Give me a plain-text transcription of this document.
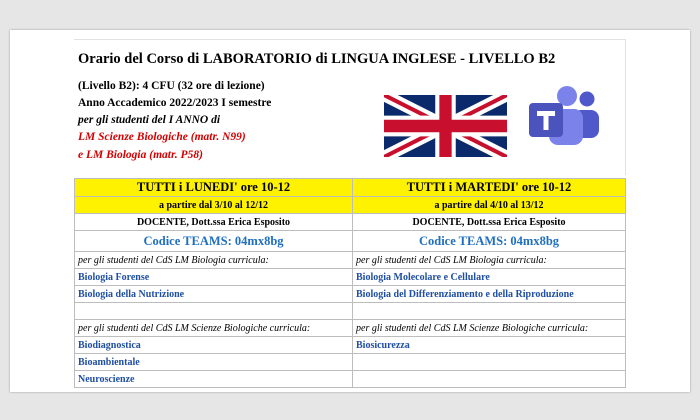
Orario del Corso di LABORATORIO di LINGUA INGLESE - LIVELLO B2
(Livello B2): 4 CFU (32 ore di lezione)
Anno Accademico 2022/2023 I semestre
per gli studenti del I ANNO di
LM Scienze Biologiche (matr. N99)
e LM Biologia (matr. P58)
TUTTI i LUNEDI' ore 10-12	TUTTI i MARTEDI' ore 10-12
a partire dal 3/10 al 12/12	a partire dal 4/10 al 13/12
DOCENTE, Dott.ssa Erica Esposito	DOCENTE, Dott.ssa Erica Esposito
Codice TEAMS: 04mx8bg	Codice TEAMS: 04mx8bg
per gli studenti del CdS LM Biologia curricula:	per gli studenti del CdS LM Biologia curricula:
Biologia Forense	Biologia Molecolare e Cellulare
Biologia della Nutrizione	Biologia del Differenziamento e della Riproduzione

per gli studenti del CdS LM Scienze Biologiche curricula:	per gli studenti del CdS LM Scienze Biologiche curricula:
Biodiagnostica	Biosicurezza
Bioambientale	
Neuroscienze	
